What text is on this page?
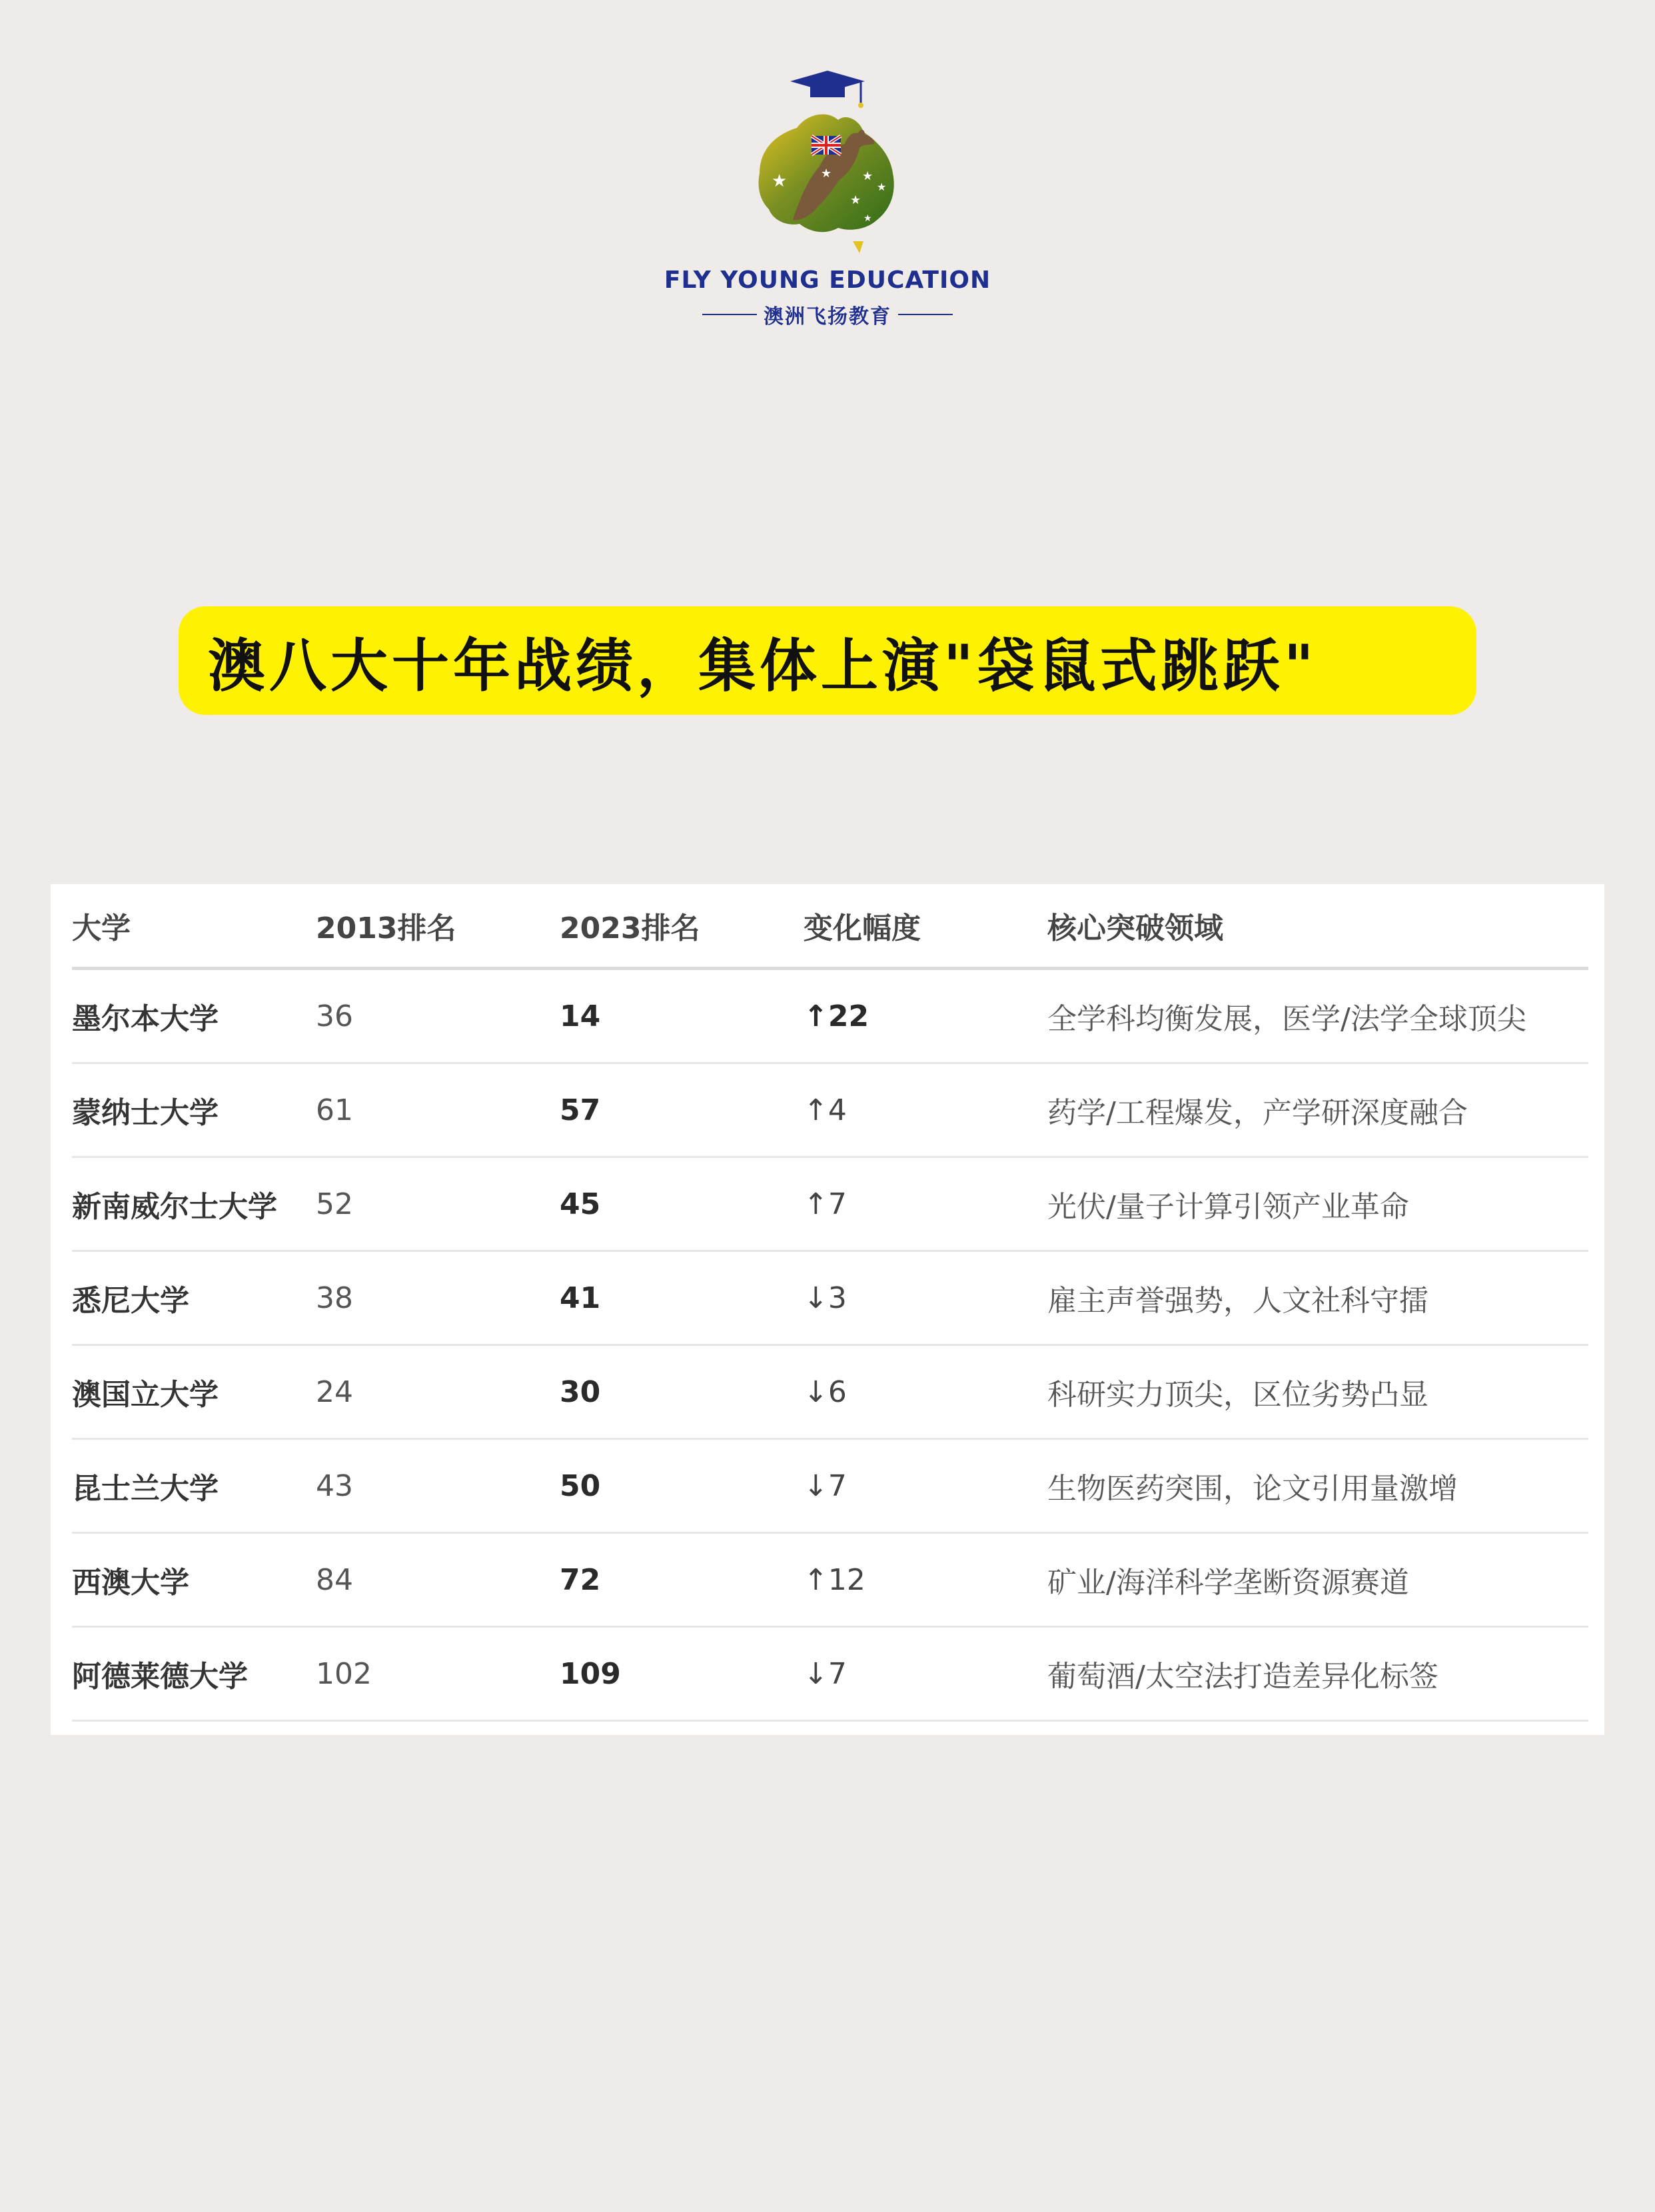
★	★	★
★
★
★
FLY YOUNG EDUCATION
澳洲飞扬教育
澳八大十年战绩，集体上演"袋鼠式跳跃"
大学	2013排名	2023排名	变化幅度	核心突破领域
墨尔本大学	36	14	↑22	全学科均衡发展，医学/法学全球顶尖
蒙纳士大学	61	57	↑4	药学/工程爆发，产学研深度融合
新南威尔士大学	52	45	↑7	光伏/量子计算引领产业革命
悉尼大学	38	41	↓3	雇主声誉强势，人文社科守擂
澳国立大学	24	30	↓6	科研实力顶尖，区位劣势凸显
昆士兰大学	43	50	↓7	生物医药突围，论文引用量激增
西澳大学	84	72	↑12	矿业/海洋科学垄断资源赛道
阿德莱德大学	102	109	↓7	葡萄酒/太空法打造差异化标签
